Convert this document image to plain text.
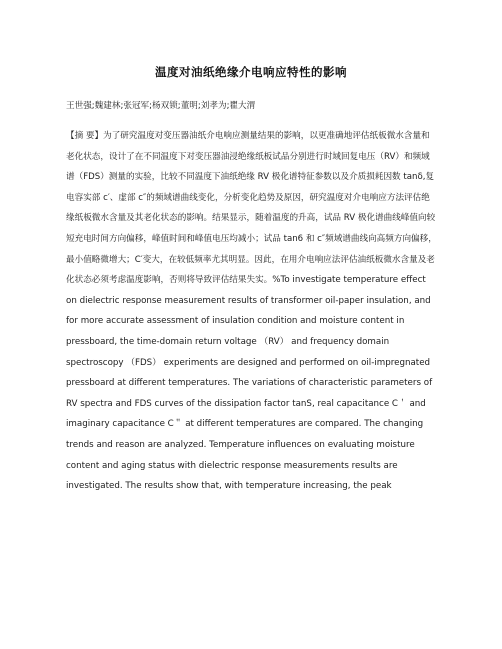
温度对油纸绝缘介电响应特性的影响
王世强;魏建林;张冠军;杨双锁;董明;刘孝为;瞿大渭
【摘 要】为了研究温度对变压器油纸介电响应测量结果的影响，以更准确地评估纸板微水含量和老化状态，设计了在不同温度下对变压器油浸绝缘纸板试品分别进行时域回复电压（RV）和频域谱（FDS）测量的实验，比较不同温度下油纸绝缘 RV 极化谱特征参数以及介质损耗因数 tanδ,复电容实部 c′、虚部 c″的频域谱曲线变化，分析变化趋势及原因，研究温度对介电响应方法评估绝缘纸板微水含量及其老化状态的影响。结果显示，随着温度的升高，试品 RV 极化谱曲线峰值向较短充电时间方向偏移，峰值时间和峰值电压均减小；试品 tan6 和 c″频域谱曲线向高频方向偏移，最小值略微增大；C′变大，在较低频率尤其明显。因此，在用介电响应法评估油纸板微水含量及老化状态必须考虑温度影响，否则将导致评估结果失实。%To investigate temperature effect on dielectric response measurement results of transformer oil-paper insulation, and for more accurate assessment of insulation condition and moisture content in pressboard, the time-domain return voltage （RV） and frequency domain spectroscopy （FDS） experiments are designed and performed on oil-impregnated pressboard at different temperatures. The variations of characteristic parameters of RV spectra and FDS curves of the dissipation factor tanS, real capacitance C＇ and imaginary capacitance C＂ at different temperatures are compared. The changing trends and reason are analyzed. Temperature influences on evaluating moisture content and aging status with dielectric response measurements results are investigated. The results show that, with temperature increasing, the peak
